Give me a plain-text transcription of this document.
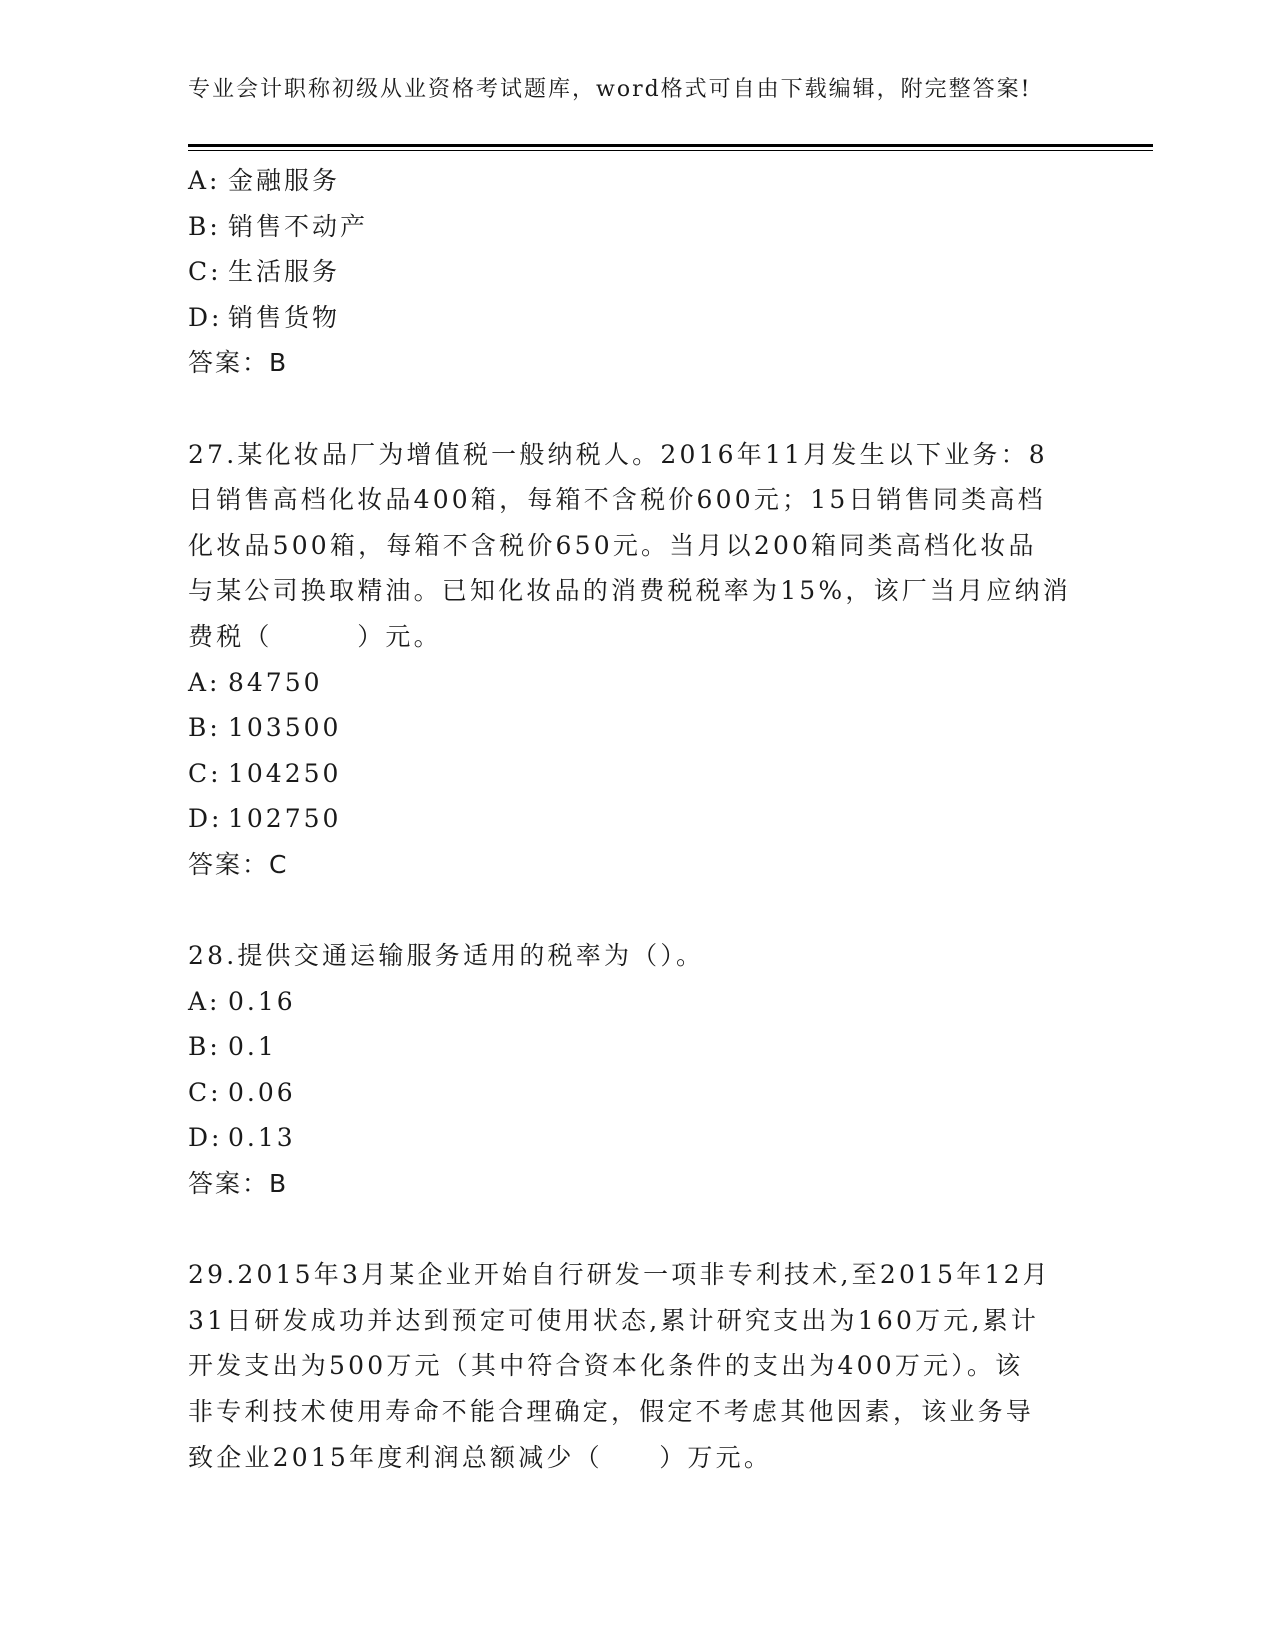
专业会计职称初级从业资格考试题库，word格式可自由下载编辑，附完整答案!
A: 金融服务
B: 销售不动产
C: 生活服务
D: 销售货物
答案：B
27.某化妆品厂为增值税一般纳税人。2016年11月发生以下业务：8
日销售高档化妆品400箱，每箱不含税价600元；15日销售同类高档
化妆品500箱，每箱不含税价650元。当月以200箱同类高档化妆品
与某公司换取精油。已知化妆品的消费税税率为15%，该厂当月应纳消
费税（　　　）元。
A: 84750
B: 103500
C: 104250
D: 102750
答案：C
28.提供交通运输服务适用的税率为（）。
A: 0.16
B: 0.1
C: 0.06
D: 0.13
答案：B
29.2015年3月某企业开始自行研发一项非专利技术,至2015年12月
31日研发成功并达到预定可使用状态,累计研究支出为160万元,累计
开发支出为500万元（其中符合资本化条件的支出为400万元）。该
非专利技术使用寿命不能合理确定，假定不考虑其他因素，该业务导
致企业2015年度利润总额减少（　　）万元。
